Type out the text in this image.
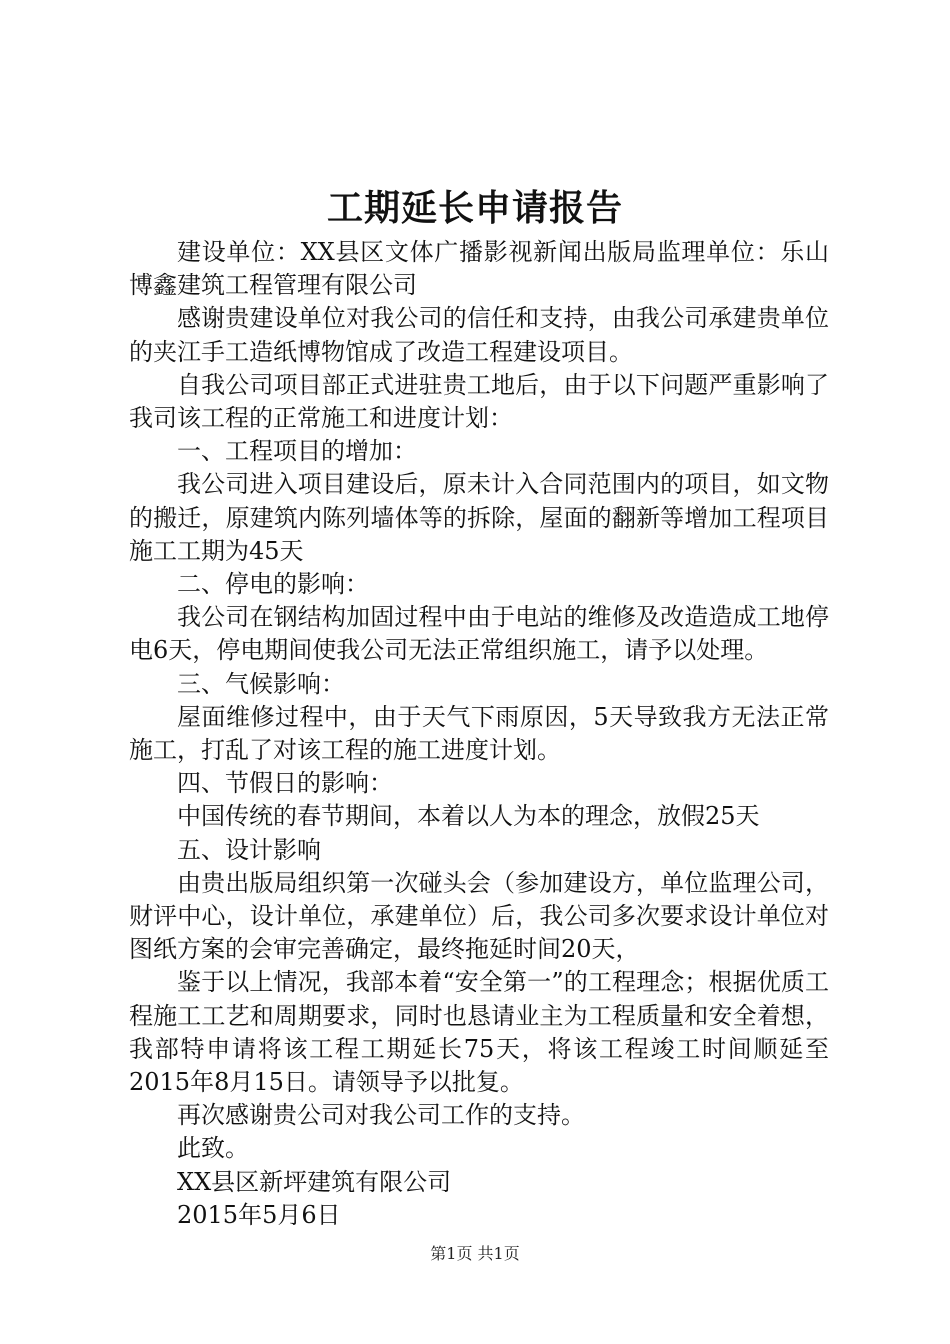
工期延长申请报告

建设单位：XX县区文体广播影视新闻出版局监理单位：乐山博鑫建筑工程管理有限公司

感谢贵建设单位对我公司的信任和支持，由我公司承建贵单位的夹江手工造纸博物馆成了改造工程建设项目。

自我公司项目部正式进驻贵工地后，由于以下问题严重影响了我司该工程的正常施工和进度计划：

一、工程项目的增加：

我公司进入项目建设后，原未计入合同范围内的项目，如文物的搬迁，原建筑内陈列墙体等的拆除，屋面的翻新等增加工程项目施工工期为45天

二、停电的影响：

我公司在钢结构加固过程中由于电站的维修及改造造成工地停电6天，停电期间使我公司无法正常组织施工，请予以处理。

三、气候影响：

屋面维修过程中，由于天气下雨原因，5天导致我方无法正常施工，打乱了对该工程的施工进度计划。

四、节假日的影响：

中国传统的春节期间，本着以人为本的理念，放假25天

五、设计影响

由贵出版局组织第一次碰头会（参加建设方，单位监理公司，财评中心，设计单位，承建单位）后，我公司多次要求设计单位对图纸方案的会审完善确定，最终拖延时间20天，

鉴于以上情况，我部本着“安全第一”的工程理念；根据优质工程施工工艺和周期要求，同时也恳请业主为工程质量和安全着想，我部特申请将该工程工期延长75天，将该工程竣工时间顺延至2015年8月15日。请领导予以批复。

再次感谢贵公司对我公司工作的支持。

此致。

XX县区新坪建筑有限公司

2015年5月6日

第1页 共1页
